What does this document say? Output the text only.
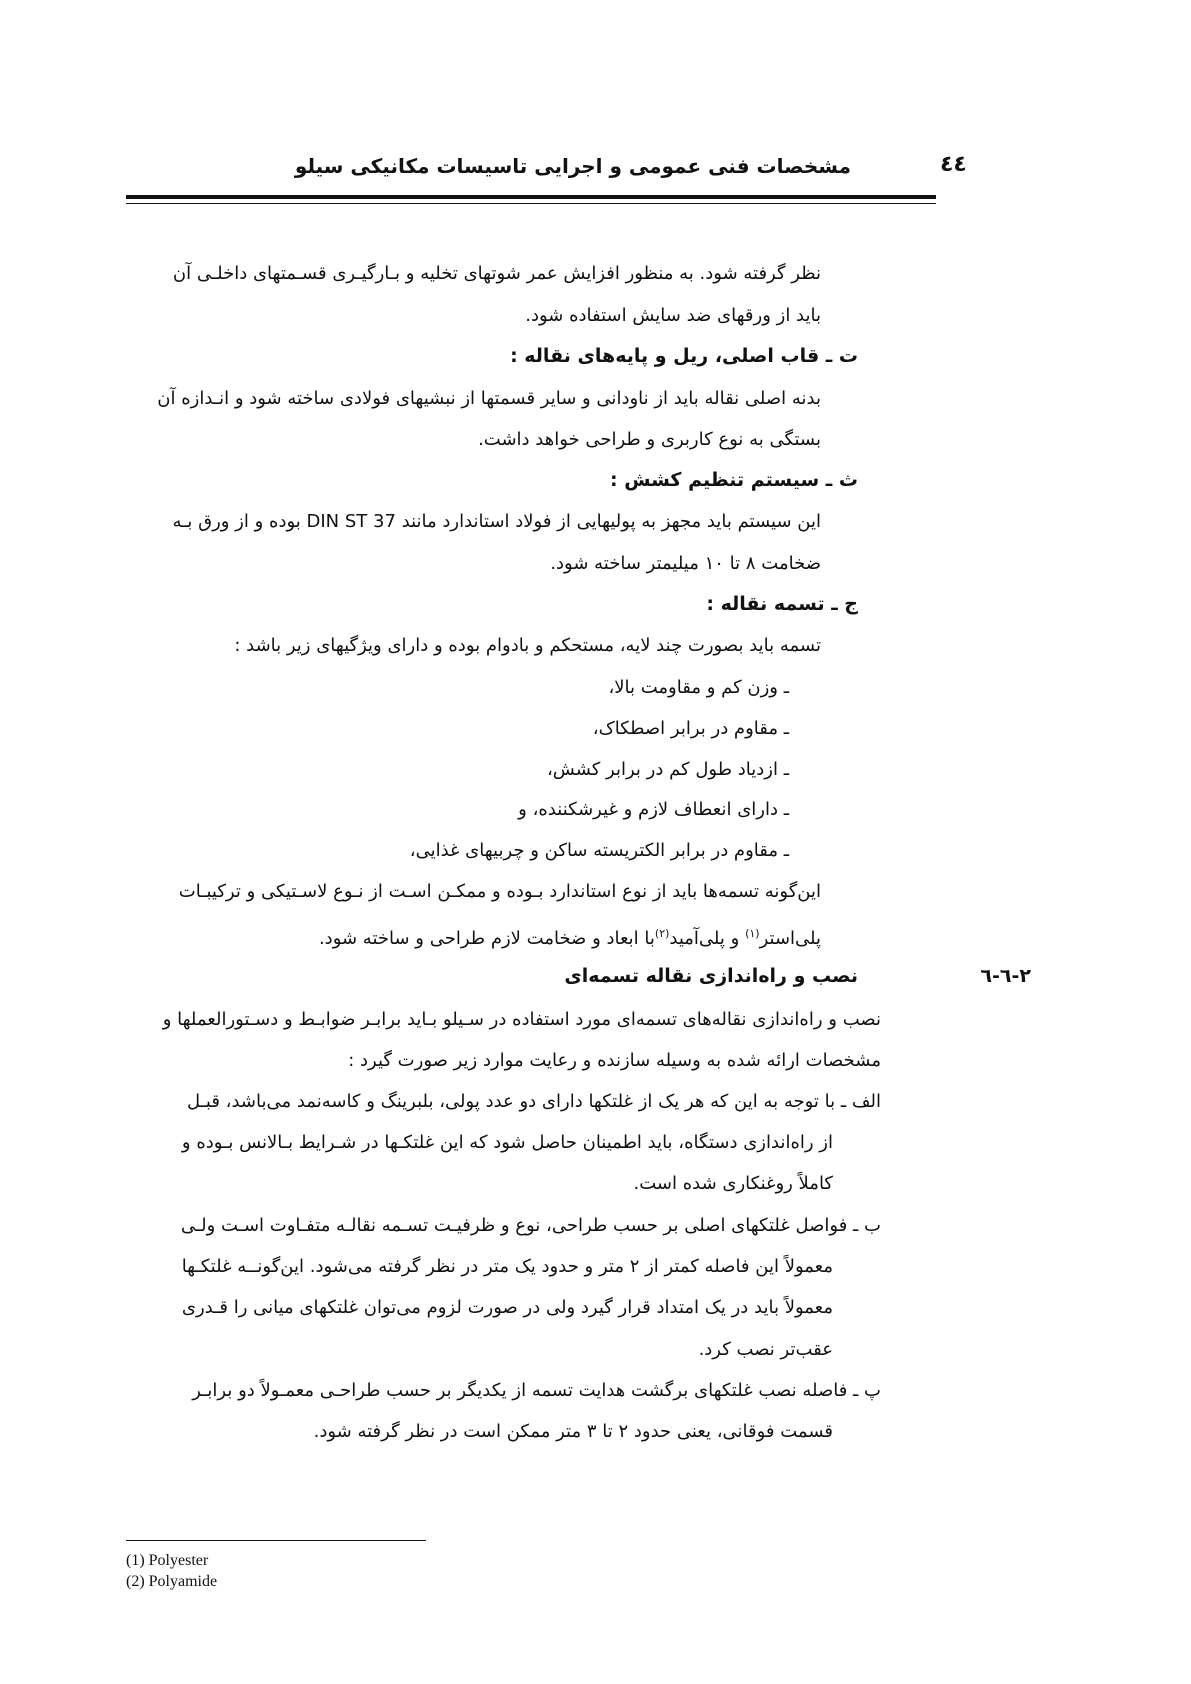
مشخصات فنی عمومی و اجرایی تاسیسات مکانیکی سیلو	٤٤
نظر گرفته شود. به منظور افزایش عمر شوتهای تخلیه و بـارگیـری قسـمتهای داخلـی آن
باید از ورقهای ضد سایش استفاده شود.
ت ـ قاب اصلی، ریل و پایه‌های نقاله :
بدنه اصلی نقاله باید از ناودانی و سایر قسمتها از نبشیهای فولادی ساخته شود و انـدازه آن
بستگی به نوع کاربری و طراحی خواهد داشت.
ث ـ سیستم تنظیم کشش :
این سیستم باید مجهز به پولیهایی از فولاد استاندارد مانند DIN ST 37 بوده و از ورق بـه
ضخامت ۸ تا ۱۰ میلیمتر ساخته شود.
ج ـ تسمه نقاله :
تسمه باید بصورت چند لایه، مستحکم و بادوام بوده و دارای ویژگیهای زیر باشد :
ـ وزن کم و مقاومت بالا،
ـ مقاوم در برابر اصطکاک،
ـ ازدیاد طول کم در برابر کشش،
ـ دارای انعطاف لازم و غیرشکننده، و
ـ مقاوم در برابر الکتریسته ساکن و چربیهای غذایی،
این‌گونه تسمه‌ها باید از نوع استاندارد بـوده و ممکـن اسـت از نـوع لاسـتیکی و ترکیبـات
پلی‌استر$^{(۱)}$ و پلی‌آمید$^{(۲)}$با ابعاد و ضخامت لازم طراحی و ساخته شود.
۲-٦-٦
نصب و راه‌اندازی نقاله تسمه‌ای
نصب و راه‌اندازی نقاله‌های تسمه‌ای مورد استفاده در سـیلو بـاید برابـر ضوابـط و دسـتورالعملها و
مشخصات ارائه شده به وسیله سازنده و رعایت موارد زیر صورت گیرد :
الف ـ با توجه به این که هر یک از غلتکها دارای دو عدد پولی، بلبرینگ و کاسه‌نمد می‌باشد، قبـل
از راه‌اندازی دستگاه، باید اطمینان حاصل شود که این غلتکـها در شـرایط بـالانس بـوده و
کاملاً روغنکاری شده است.
ب ـ فواصل غلتکهای اصلی بر حسب طراحی، نوع و ظرفیـت تسـمه نقالـه متفـاوت اسـت ولـی
معمولاً این فاصله کمتر از ۲ متر و حدود یک متر در نظر گرفته می‌شود. این‌گونــه غلتکـها
معمولاً باید در یک امتداد قرار گیرد ولی در صورت لزوم می‌توان غلتکهای میانی را قـدری
عقب‌تر نصب کرد.
پ ـ فاصله نصب غلتکهای برگشت هدایت تسمه از یکدیگر بر حسب طراحـی معمـولاً دو برابـر
قسمت فوقانی، یعنی حدود ۲ تا ۳ متر ممکن است در نظر گرفته شود.
(1) Polyester
(2) Polyamide
